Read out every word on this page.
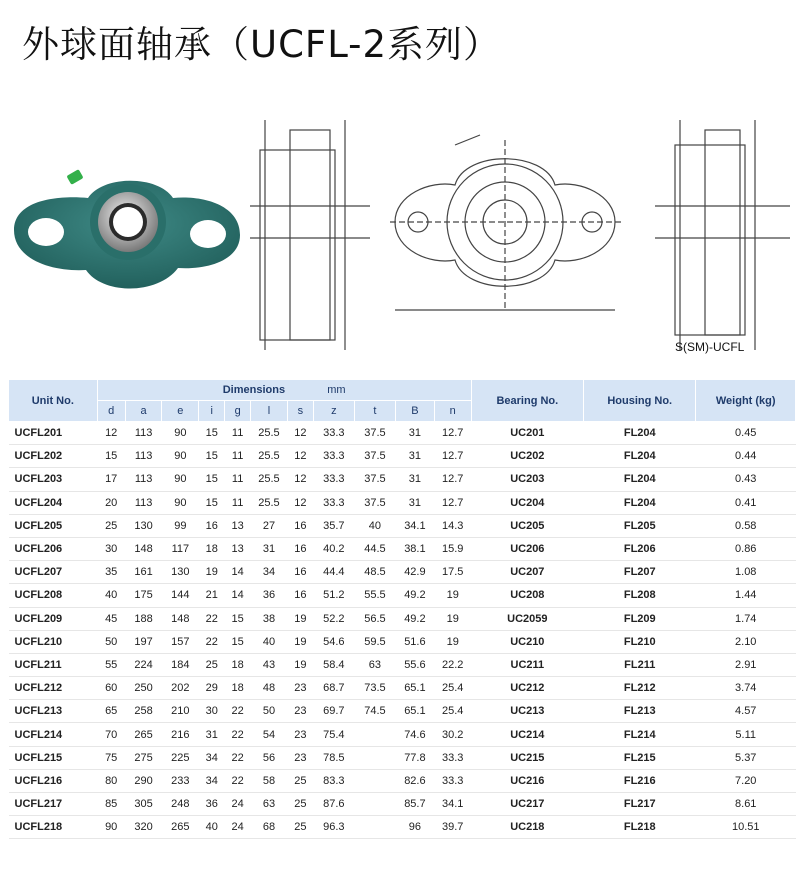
外球面轴承（UCFL-2系列）
S(SM)-UCFL
Unit No.	Dimensions mm											Bearing No.	Housing No.	Weight (kg)
	d	a	e	i	g	l	s	z	t	B	n			
UCFL201	12	113	90	15	11	25.5	12	33.3	37.5	31	12.7	UC201	FL204	0.45
UCFL202	15	113	90	15	11	25.5	12	33.3	37.5	31	12.7	UC202	FL204	0.44
UCFL203	17	113	90	15	11	25.5	12	33.3	37.5	31	12.7	UC203	FL204	0.43
UCFL204	20	113	90	15	11	25.5	12	33.3	37.5	31	12.7	UC204	FL204	0.41
UCFL205	25	130	99	16	13	27	16	35.7	40	34.1	14.3	UC205	FL205	0.58
UCFL206	30	148	117	18	13	31	16	40.2	44.5	38.1	15.9	UC206	FL206	0.86
UCFL207	35	161	130	19	14	34	16	44.4	48.5	42.9	17.5	UC207	FL207	1.08
UCFL208	40	175	144	21	14	36	16	51.2	55.5	49.2	19	UC208	FL208	1.44
UCFL209	45	188	148	22	15	38	19	52.2	56.5	49.2	19	UC2059	FL209	1.74
UCFL210	50	197	157	22	15	40	19	54.6	59.5	51.6	19	UC210	FL210	2.10
UCFL211	55	224	184	25	18	43	19	58.4	63	55.6	22.2	UC211	FL211	2.91
UCFL212	60	250	202	29	18	48	23	68.7	73.5	65.1	25.4	UC212	FL212	3.74
UCFL213	65	258	210	30	22	50	23	69.7	74.5	65.1	25.4	UC213	FL213	4.57
UCFL214	70	265	216	31	22	54	23	75.4		74.6	30.2	UC214	FL214	5.11
UCFL215	75	275	225	34	22	56	23	78.5		77.8	33.3	UC215	FL215	5.37
UCFL216	80	290	233	34	22	58	25	83.3		82.6	33.3	UC216	FL216	7.20
UCFL217	85	305	248	36	24	63	25	87.6		85.7	34.1	UC217	FL217	8.61
UCFL218	90	320	265	40	24	68	25	96.3		96	39.7	UC218	FL218	10.51
